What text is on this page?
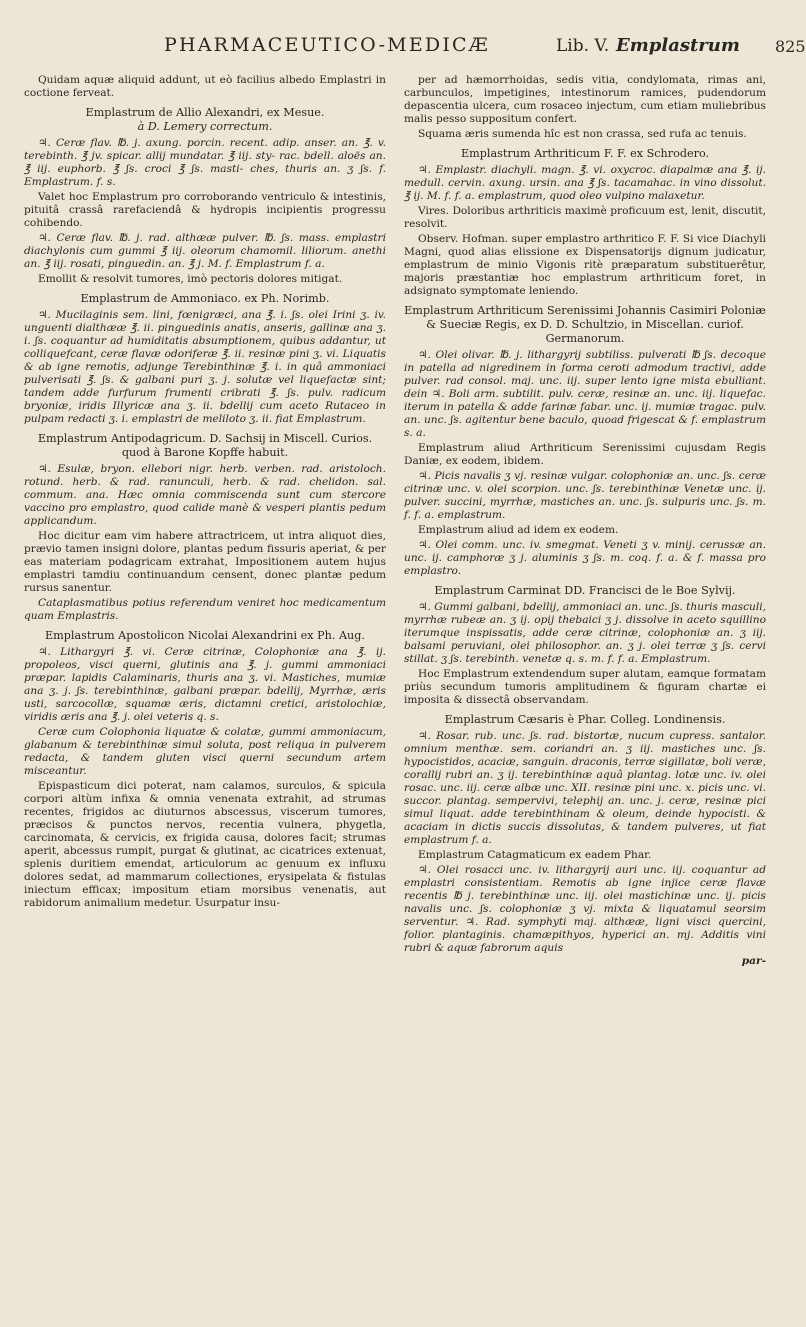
PHARMACEUTICO-MEDICÆ	Lib. V. Emplastrum 825

Quidam aquæ aliquid addunt, ut eò facilius albedo Emplastri in coctione ferveat.

Emplastrum de Allio Alexandri, ex Mesue.
à D. Lemery correctum.

♃. Ceræ flav. ℔. j. axung. porcin. recent. adip. anser. an. ℥. v. terebinth. ℥ jv. spicar. allij mundatar. ℥ iij. sty- rac. bdell. aloës an. ℥ iij. euphorb. ℥ ʃs. croci ℥ ʃs. masti- ches, thuris an. ʒ ʃs. f. Emplastrum. f. s.

Valet hoc Emplastrum pro corroborando ventriculo & intestinis, pituitâ crassâ rarefaciendâ & hydropis incipientis progressu cohibendo.

♃. Ceræ flav. ℔. j. rad. althææ pulver. ℔. ʃs. mass. emplastri diachylonis cum gummi ℥ iij. oleorum chamomil. liliorum. anethi an. ℥ iij. rosati, pinguedin. an. ℥ j. M. f. Emplastrum f. a.

Emollit & resolvit tumores, imò pectoris dolores mitigat.

Emplastrum de Ammoniaco. ex Ph. Norimb.

♃. Mucilaginis sem. lini, fœnigræci, ana ℥. i. ʃs. olei Irini ʒ. iv. unguenti dialthææ ℥. ii. pinguedinis anatis, anseris, gallinæ ana ʒ. i. ʃs. coquantur ad humiditatis absumptionem, quibus addantur, ut colliquefcant, ceræ flavæ odoriferæ ℥. ii. resinæ pini ʒ. vi. Liquatis & ab igne remotis, adjunge Terebinthinæ ℥. i. in quâ ammoniaci pulverisati ℥. ʃs. & galbani puri ʒ. j. solutæ vel liquefactæ sint; tandem adde furfurum frumenti cribrati ℥. ʃs. pulv. radicum bryoniæ, iridis Illyricæ ana ʒ. ii. bdellij cum aceto Rutaceo in pulpam redacti ʒ. i. emplastri de meliloto ʒ. ii. fiat Emplastrum.

Emplastrum Antipodagricum. D. Sachsij in Miscell. Curios. quod à Barone Kopffe habuit.

♃. Esulæ, bryon. ellebori nigr. herb. verben. rad. aristoloch. rotund. herb. & rad. ranunculi, herb. & rad. chelidon. sal. commum. ana. Hæc omnia commiscenda sunt cum stercore vaccino pro emplastro, quod calide manè & vesperi plantis pedum applicandum.

Hoc dicitur eam vim habere attractricem, ut intra aliquot dies, prævio tamen insigni dolore, plantas pedum fissuris aperiat, & per eas materiam podagricam extrahat, Impositionem autem hujus emplastri tamdiu continuandum censent, donec plantæ pedum rursus sanentur.

Cataplasmatibus potius referendum veniret hoc medicamentum quam Emplastris.

Emplastrum Apostolicon Nicolai Alexandrini ex Ph. Aug.

♃. Lithargyri ℥. vi. Ceræ citrinæ, Colophoniæ ana ℥. ij. propoleos, visci querni, glutinis ana ℥. j. gummi ammoniaci præpar. lapidis Calaminaris, thuris ana ʒ. vi. Mastiches, mumiæ ana ʒ. j. ʃs. terebinthinæ, galbani præpar. bdellij, Myrrhæ, æris usti, sarcocollæ, squamæ æris, dictamni cretici, aristolochiæ, viridis æris ana ℥. j. olei veteris q. s.

Ceræ cum Colophonia liquatæ & colatæ, gummi ammoniacum, glabanum & terebinthinæ simul soluta, post reliqua in pulverem redacta, & tandem gluten visci querni secundum artem misceantur.

Epispasticum dici poterat, nam calamos, surculos, & spicula corpori altùm infixa & omnia venenata extrahit, ad strumas recentes, frigidos ac diuturnos abscessus, viscerum tumores, præcisos & punctos nervos, recentia vulnera, phygetla, carcinomata, & cervicis, ex frigida causa, dolores facit; strumas aperit, abcessus rumpit, purgat & glutinat, ac cicatrices extenuat, splenis duritiem emendat, articulorum ac genuum ex influxu dolores sedat, ad mammarum collectiones, erysipelata & fistulas iniectum efficax; impositum etiam morsibus venenatis, aut rabidorum animalium medetur. Usurpatur insu-

per ad hæmorrhoidas, sedis vitia, condylomata, rimas ani, carbunculos, impetigines, intestinorum ramices, pudendorum depascentia ulcera, cum rosaceo injectum, cum etiam muliebribus malis pesso suppositum confert.

Squama æris sumenda hîc est non crassa, sed rufa ac tenuis.

Emplastrum Arthriticum F. F. ex Schrodero.

♃. Emplastr. diachyli. magn. ℥. vi. oxycroc. diapalmæ ana ℥. ij. medull. cervin. axung. ursin. ana ℥ ʃs. tacamahac. in vino dissolut. ℥ ij. M. f. f. a. emplastrum, quod oleo vulpino malaxetur.

Vires. Doloribus arthriticis maximè proficuum est, lenit, discutit, resolvit.

Observ. Hofman. super emplastro arthritico F. F. Si vice Diachyli Magni, quod alias elissione ex Dispensatorijs dignum judicatur, emplastrum de minio Vigonis ritè præparatum substituerêtur, majoris præstantiæ hoc emplastrum arthriticum foret, in adsignato symptomate leniendo.

Emplastrum Arthriticum Serenissimi Johannis Casimiri Poloniæ & Sueciæ Regis, ex D. D. Schultzio, in Miscellan. curiof. Germanorum.

♃. Olei olivar. ℔. j. lithargyrij subtiliss. pulverati ℔ ʃs. decoque in patella ad nigredinem in forma ceroti admodum tractivi, adde pulver. rad consol. maj. unc. iij. super lento igne mista ebulliant. dein ♃. Boli arm. subtilit. pulv. ceræ, resinæ an. unc. iij. liquefac. iterum in patella & adde farinæ fabar. unc. ij. mumiæ tragac. pulv. an. unc. ʃs. agitentur bene baculo, quoad frigescat & f. emplastrum s. a.

Emplastrum aliud Arthriticum Serenissimi cujusdam Regis Daniæ, ex eodem, ibidem.

♃. Picis navalis ʒ vj. resinæ vulgar. colophoniæ an. unc. ʃs. ceræ citrinæ unc. v. olei scorpion. unc. ʃs. terebinthinæ Venetæ unc. ij. pulver. succini, myrrhæ, mastiches an. unc. ʃs. sulpuris unc. ʃs. m. f. f. a. emplastrum.

Emplastrum aliud ad idem ex eodem.

♃. Olei comm. unc. iv. smegmat. Veneti ʒ v. minij. cerussæ an. unc. ij. camphoræ ʒ j. aluminis ʒ ʃs. m. coq. f. a. & f. massa pro emplastro.

Emplastrum Carminat DD. Francisci de le Boe Sylvij.

♃. Gummi galbani, bdellij, ammoniaci an. unc. ʃs. thuris masculi, myrrhæ rubeæ an. ʒ ij. opij thebaici ʒ j. dissolve in aceto squillino iterumque inspissatis, adde ceræ citrinæ, colophoniæ an. ʒ iij. balsami peruviani, olei philosophor. an. ʒ j. olei terræ ʒ ʃs. cervi stillat. ʒ ʃs. terebinth. venetæ q. s. m. f. f. a. Emplastrum.

Hoc Emplastrum extendendum super alutam, eamque formatam priùs secundum tumoris amplitudinem & figuram chartæ ei imposita & dissectâ observandam.

Emplastrum Cæsaris è Phar. Colleg. Londinensis.

♃. Rosar. rub. unc. ʃs. rad. bistortæ, nucum cupress. santalor. omnium menthæ. sem. coriandri an. ʒ iij. mastiches unc. ʃs. hypocistidos, acaciæ, sanguin. draconis, terræ sigillatæ, boli veræ, corallij rubri an. ʒ ij. terebinthinæ aquâ plantag. lotæ unc. iv. olei rosac. unc. iij. ceræ albæ unc. XII. resinæ pini unc. x. picis unc. vi. succor. plantag. sempervivi, telephij an. unc. j. ceræ, resinæ pici simul liquat. adde terebinthinam & oleum, deinde hypocisti. & acaciam in dictis succis dissolutas, & tandem pulveres, ut fiat emplastrum f. a.

Emplastrum Catagmaticum ex eadem Phar.

♃. Olei rosacci unc. iv. lithargyrij auri unc. iij. coquantur ad emplastri consistentiam. Remotis ab igne injice ceræ flavæ recentis ℔ j. terebinthinæ unc. iij. olei mastichinæ unc. ij. picis navalis unc. ʃs. colophoniæ ʒ vj. mixta & liquatamul seorsim serventur. ♃. Rad. symphyti maj. althææ, ligni visci quercini, folior. plantaginis. chamæpithyos, hyperici an. mj. Additis vini rubri & aquæ fabrorum aquis

par-
